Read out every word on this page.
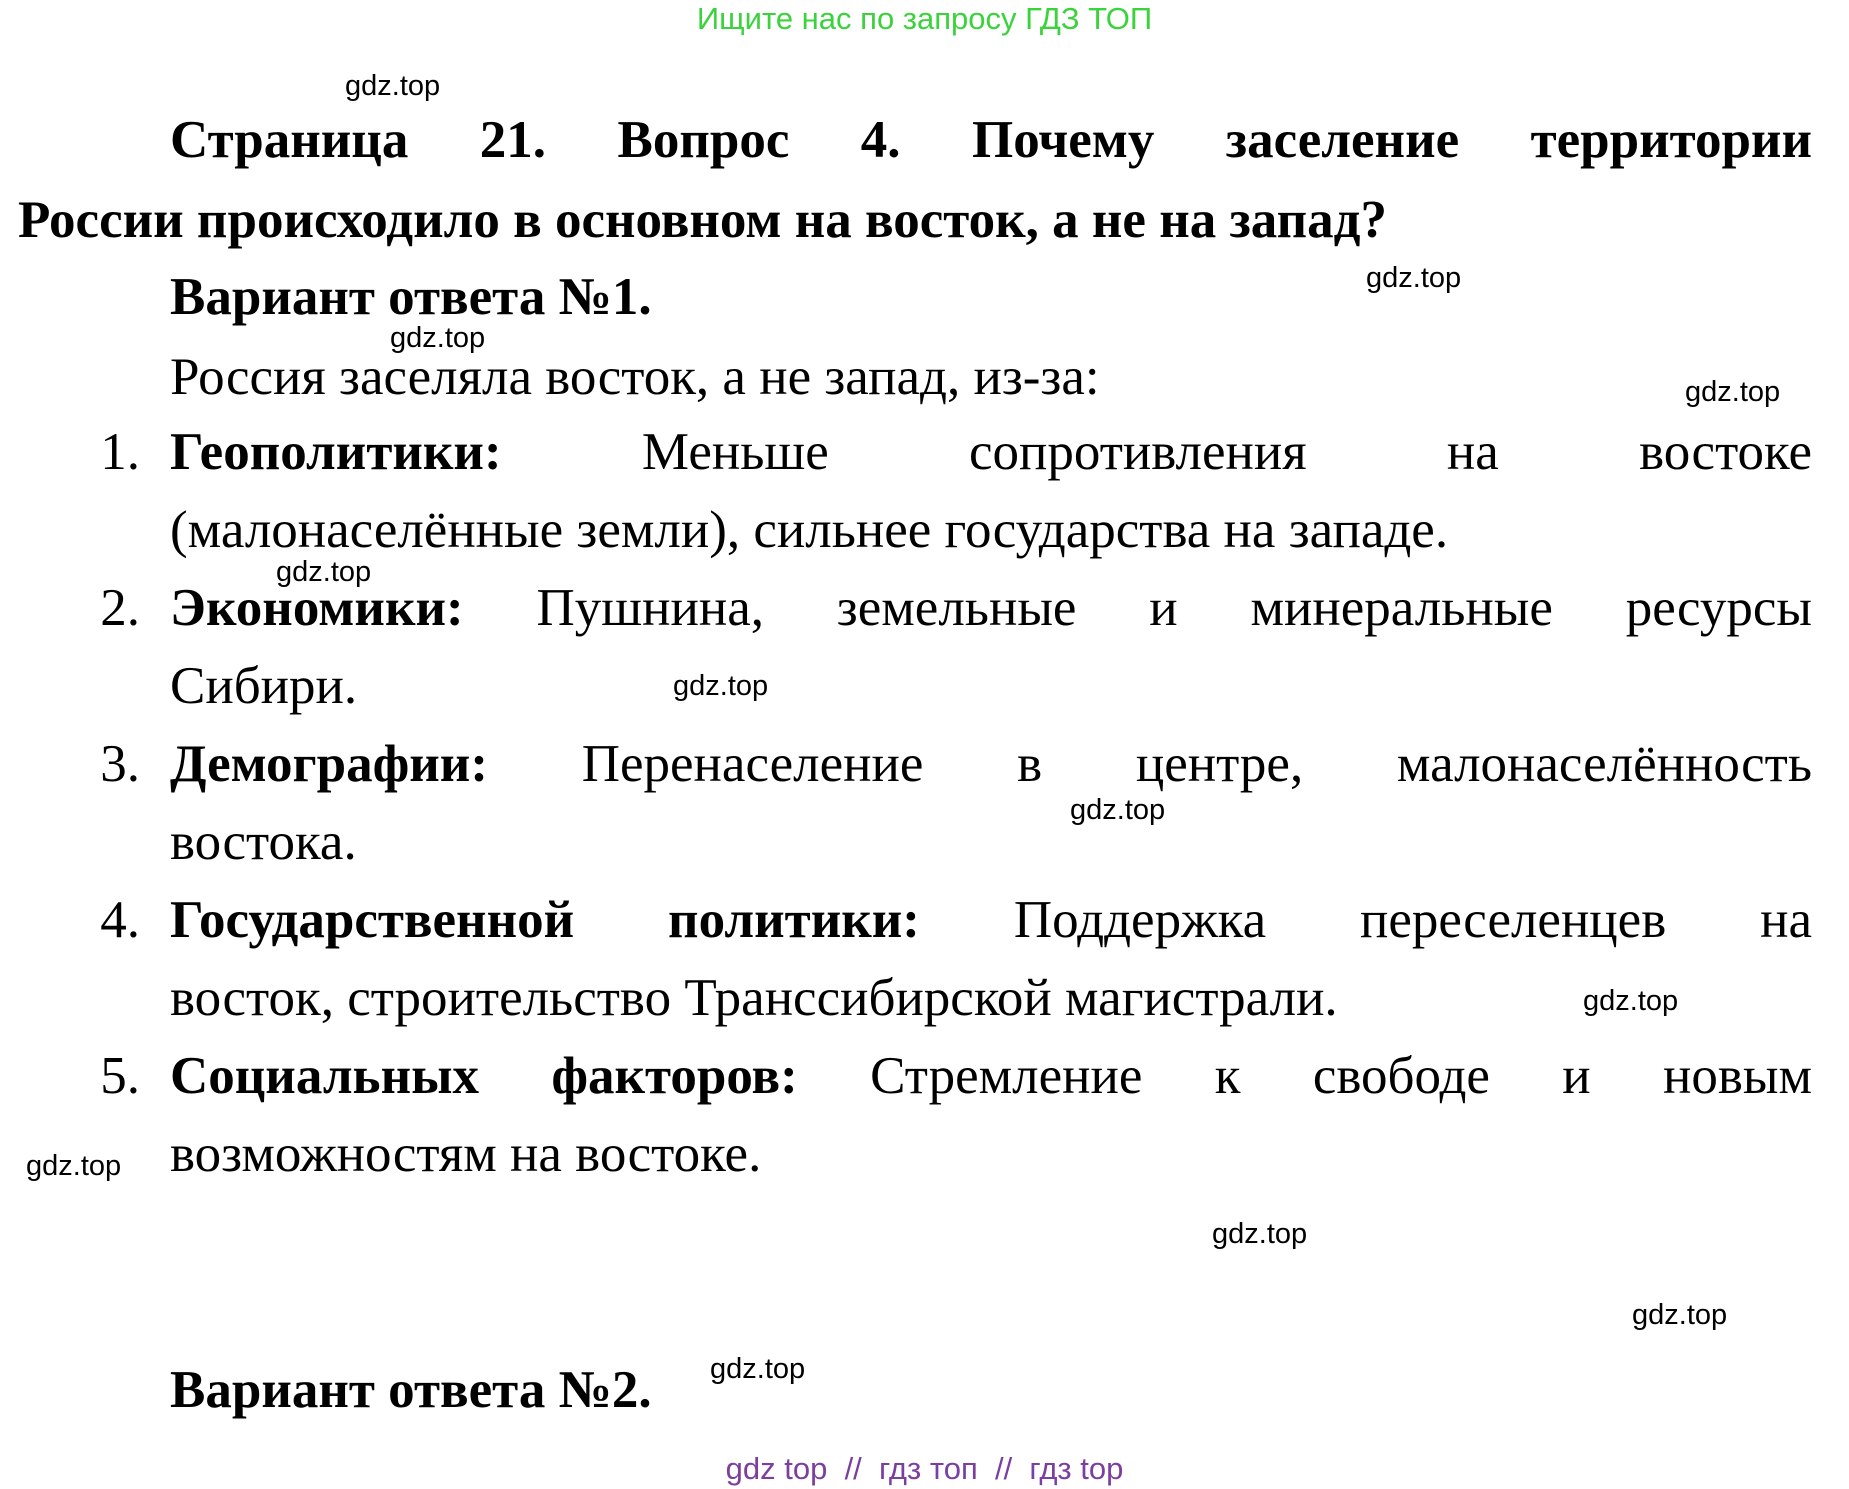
Ищите нас по запросу ГДЗ ТОП
Страница 21. Вопрос 4. Почему заселение территории
России происходило в основном на восток, а не на запад?
Вариант ответа №1.
Россия заселяла восток, а не запад, из-за:
1. Геополитики:	Меньше сопротивления на востоке
(малонаселённые земли), сильнее государства на западе.
2. Экономики: Пушнина, земельные и минеральные ресурсы
Сибири.
3. Демографии: Перенаселение в центре, малонаселённость
востока.
4. Государственной политики: Поддержка переселенцев на
восток, строительство Транссибирской магистрали.
5. Социальных факторов: Стремление к свободе и новым
возможностям на востоке.
Вариант ответа №2.
gdz.top
gdz.top
gdz.top
gdz.top
gdz.top
gdz.top
gdz.top
gdz.top
gdz.top
gdz.top
gdz.top
gdz.top
gdz top  //  гдз топ  //  гдз top
